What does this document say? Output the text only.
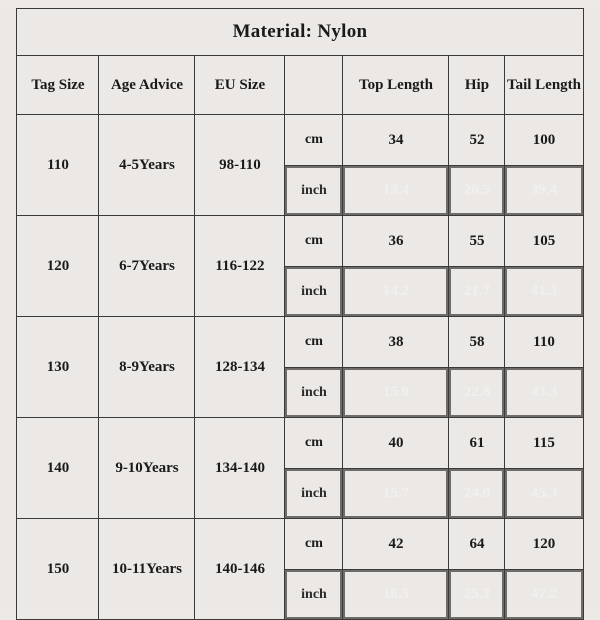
Material: Nylon						
Tag Size	Age Advice	EU Size		Top Length	Hip	Tail Length
110	4-5Years	98-110	cm	34	52	100
			inch	13.4	20.5	39.4
120	6-7Years	116-122	cm	36	55	105
			inch	14.2	21.7	41.3
130	8-9Years	128-134	cm	38	58	110
			inch	15.0	22.8	43.3
140	9-10Years	134-140	cm	40	61	115
			inch	15.7	24.0	45.3
150	10-11Years	140-146	cm	42	64	120
			inch	16.5	25.2	47.2
